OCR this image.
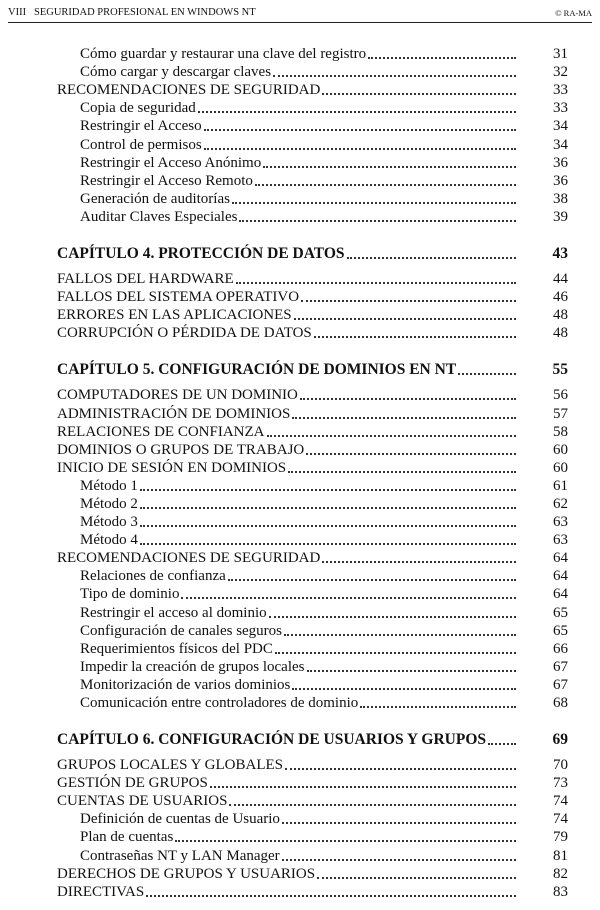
VIII SEGURIDAD PROFESIONAL EN WINDOWS NT	© RA-MA
Cómo guardar y restaurar una clave del registro	31
Cómo cargar y descargar claves	32
RECOMENDACIONES DE SEGURIDAD	33
Copia de seguridad	33
Restringir el Acceso	34
Control de permisos	34
Restringir el Acceso Anónimo	36
Restringir el Acceso Remoto	36
Generación de auditorías	38
Auditar Claves Especiales	39
CAPÍTULO 4. PROTECCIÓN DE DATOS	43
FALLOS DEL HARDWARE	44
FALLOS DEL SISTEMA OPERATIVO	46
ERRORES EN LAS APLICACIONES	48
CORRUPCIÓN O PÉRDIDA DE DATOS	48
CAPÍTULO 5. CONFIGURACIÓN DE DOMINIOS EN NT	55
COMPUTADORES DE UN DOMINIO	56
ADMINISTRACIÓN DE DOMINIOS	57
RELACIONES DE CONFIANZA	58
DOMINIOS O GRUPOS DE TRABAJO	60
INICIO DE SESIÓN EN DOMINIOS	60
Método 1	61
Método 2	62
Método 3	63
Método 4	63
RECOMENDACIONES DE SEGURIDAD	64
Relaciones de confianza	64
Tipo de dominio	64
Restringir el acceso al dominio	65
Configuración de canales seguros	65
Requerimientos físicos del PDC	66
Impedir la creación de grupos locales	67
Monitorización de varios dominios	67
Comunicación entre controladores de dominio	68
CAPÍTULO 6. CONFIGURACIÓN DE USUARIOS Y GRUPOS	69
GRUPOS LOCALES Y GLOBALES	70
GESTIÓN DE GRUPOS	73
CUENTAS DE USUARIOS	74
Definición de cuentas de Usuario	74
Plan de cuentas	79
Contraseñas NT y LAN Manager	81
DERECHOS DE GRUPOS Y USUARIOS	82
DIRECTIVAS	83
